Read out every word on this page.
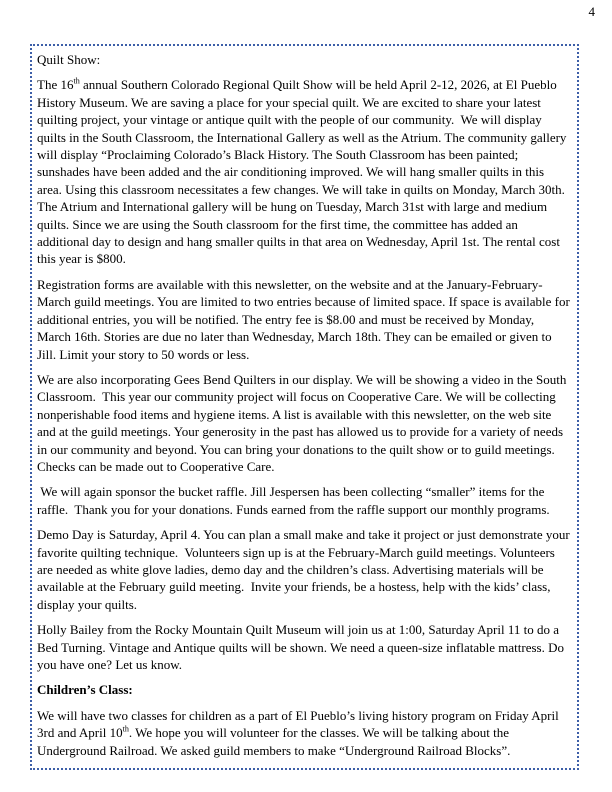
4

Quilt Show:

The 16th annual Southern Colorado Regional Quilt Show will be held April 2-12, 2026, at El Pueblo History Museum. We are saving a place for your special quilt. We are excited to share your latest quilting project, your vintage or antique quilt with the people of our community.  We will display quilts in the South Classroom, the International Gallery as well as the Atrium. The community gallery will display “Proclaiming Colorado’s Black History. The South Classroom has been painted; sunshades have been added and the air conditioning improved. We will hang smaller quilts in this area. Using this classroom necessitates a few changes. We will take in quilts on Monday, March 30th. The Atrium and International gallery will be hung on Tuesday, March 31st with large and medium quilts. Since we are using the South classroom for the first time, the committee has added an additional day to design and hang smaller quilts in that area on Wednesday, April 1st. The rental cost this year is $800.

Registration forms are available with this newsletter, on the website and at the January-February- March guild meetings. You are limited to two entries because of limited space. If space is available for additional entries, you will be notified. The entry fee is $8.00 and must be received by Monday, March 16th. Stories are due no later than Wednesday, March 18th. They can be emailed or given to Jill. Limit your story to 50 words or less.

We are also incorporating Gees Bend Quilters in our display. We will be showing a video in the South Classroom.  This year our community project will focus on Cooperative Care. We will be collecting nonperishable food items and hygiene items. A list is available with this newsletter, on the web site and at the guild meetings. Your generosity in the past has allowed us to provide for a variety of needs in our community and beyond. You can bring your donations to the quilt show or to guild meetings. Checks can be made out to Cooperative Care.

We will again sponsor the bucket raffle. Jill Jespersen has been collecting “smaller” items for the raffle.  Thank you for your donations. Funds earned from the raffle support our monthly programs.

Demo Day is Saturday, April 4. You can plan a small make and take it project or just demonstrate your favorite quilting technique.  Volunteers sign up is at the February-March guild meetings. Volunteers are needed as white glove ladies, demo day and the children’s class. Advertising materials will be available at the February guild meeting.  Invite your friends, be a hostess, help with the kids’ class, display your quilts.

Holly Bailey from the Rocky Mountain Quilt Museum will join us at 1:00, Saturday April 11 to do a Bed Turning. Vintage and Antique quilts will be shown. We need a queen-size inflatable mattress. Do you have one? Let us know.

Children’s Class:

We will have two classes for children as a part of El Pueblo’s living history program on Friday April 3rd and April 10th. We hope you will volunteer for the classes. We will be talking about the Underground Railroad. We asked guild members to make “Underground Railroad Blocks”.
